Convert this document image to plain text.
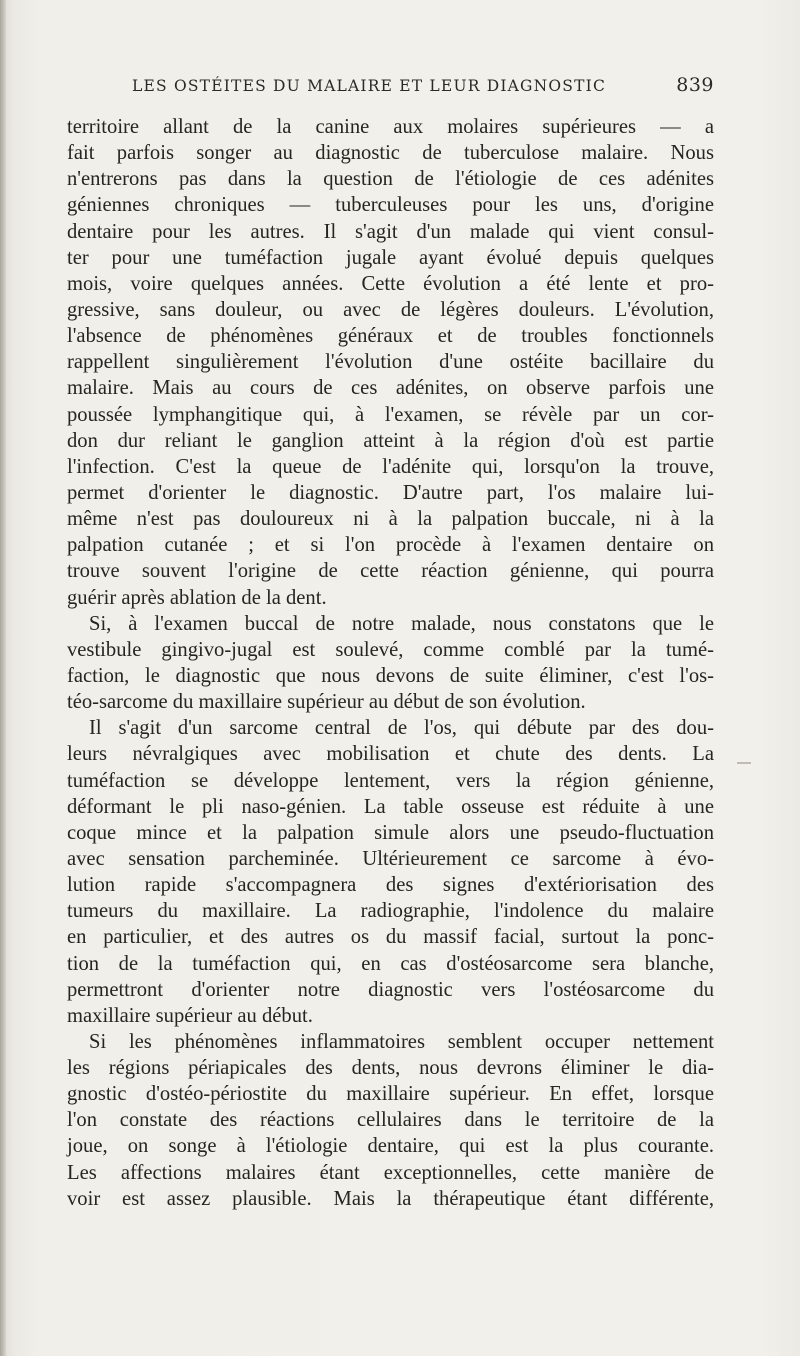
LES OSTÉITES DU MALAIRE ET LEUR DIAGNOSTIC	839
territoire allant de la canine aux molaires supérieures — a
fait parfois songer au diagnostic de tuberculose malaire. Nous
n'entrerons pas dans la question de l'étiologie de ces adénites
géniennes chroniques — tuberculeuses pour les uns, d'origine
dentaire pour les autres. Il s'agit d'un malade qui vient consul-
ter pour une tuméfaction jugale ayant évolué depuis quelques
mois, voire quelques années. Cette évolution a été lente et pro-
gressive, sans douleur, ou avec de légères douleurs. L'évolution,
l'absence de phénomènes généraux et de troubles fonctionnels
rappellent singulièrement l'évolution d'une ostéite bacillaire du
malaire. Mais au cours de ces adénites, on observe parfois une
poussée lymphangitique qui, à l'examen, se révèle par un cor-
don dur reliant le ganglion atteint à la région d'où est partie
l'infection. C'est la queue de l'adénite qui, lorsqu'on la trouve,
permet d'orienter le diagnostic. D'autre part, l'os malaire lui-
même n'est pas douloureux ni à la palpation buccale, ni à la
palpation cutanée ; et si l'on procède à l'examen dentaire on
trouve souvent l'origine de cette réaction génienne, qui pourra
guérir après ablation de la dent.
Si, à l'examen buccal de notre malade, nous constatons que le
vestibule gingivo-jugal est soulevé, comme comblé par la tumé-
faction, le diagnostic que nous devons de suite éliminer, c'est l'os-
téo-sarcome du maxillaire supérieur au début de son évolution.
Il s'agit d'un sarcome central de l'os, qui débute par des dou-
leurs névralgiques avec mobilisation et chute des dents. La
tuméfaction se développe lentement, vers la région génienne,
déformant le pli naso-génien. La table osseuse est réduite à une
coque mince et la palpation simule alors une pseudo-fluctuation
avec sensation parcheminée. Ultérieurement ce sarcome à évo-
lution rapide s'accompagnera des signes d'extériorisation des
tumeurs du maxillaire. La radiographie, l'indolence du malaire
en particulier, et des autres os du massif facial, surtout la ponc-
tion de la tuméfaction qui, en cas d'ostéosarcome sera blanche,
permettront d'orienter notre diagnostic vers l'ostéosarcome du
maxillaire supérieur au début.
Si les phénomènes inflammatoires semblent occuper nettement
les régions périapicales des dents, nous devrons éliminer le dia-
gnostic d'ostéo-périostite du maxillaire supérieur. En effet, lorsque
l'on constate des réactions cellulaires dans le territoire de la
joue, on songe à l'étiologie dentaire, qui est la plus courante.
Les affections malaires étant exceptionnelles, cette manière de
voir est assez plausible. Mais la thérapeutique étant différente,
